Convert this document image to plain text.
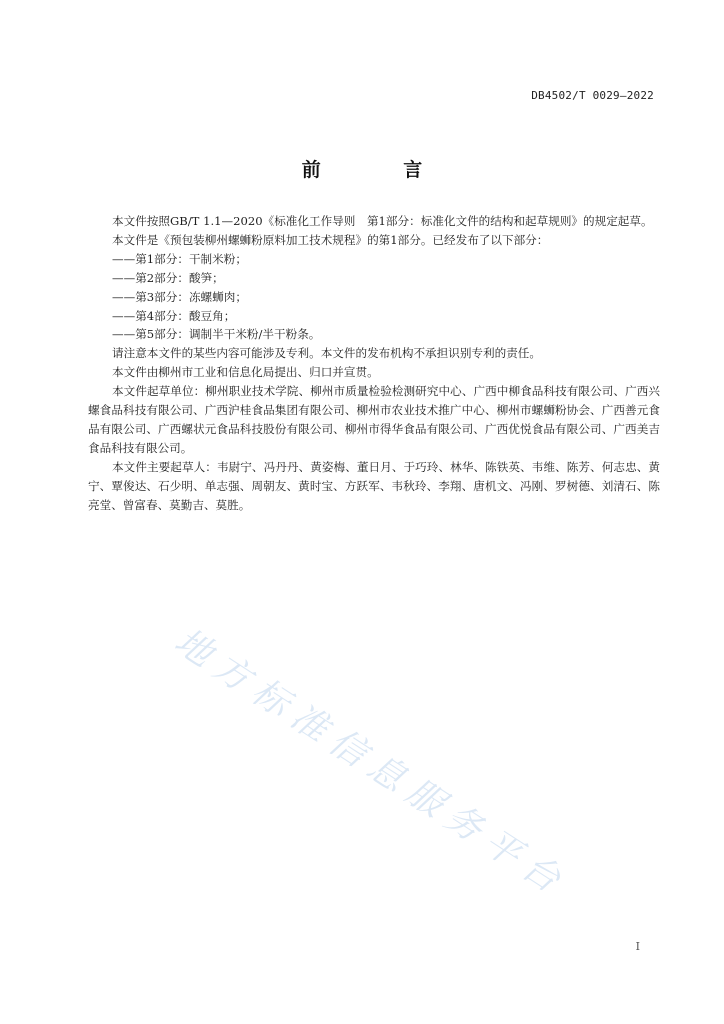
DB4502/T 0029—2022
前 言

本文件按照GB/T 1.1—2020《标准化工作导则　第1部分：标准化文件的结构和起草规则》的规定起草。

本文件是《预包装柳州螺蛳粉原料加工技术规程》的第1部分。已经发布了以下部分：

——第1部分：干制米粉；

——第2部分：酸笋；

——第3部分：冻螺蛳肉；

——第4部分：酸豆角；

——第5部分：调制半干米粉/半干粉条。

请注意本文件的某些内容可能涉及专利。本文件的发布机构不承担识别专利的责任。

本文件由柳州市工业和信息化局提出、归口并宣贯。

本文件起草单位：柳州职业技术学院、柳州市质量检验检测研究中心、广西中柳食品科技有限公司、广西兴螺食品科技有限公司、广西沪桂食品集团有限公司、柳州市农业技术推广中心、柳州市螺蛳粉协会、广西善元食品有限公司、广西螺状元食品科技股份有限公司、柳州市得华食品有限公司、广西优悦食品有限公司、广西美吉食品科技有限公司。

本文件主要起草人：韦尉宁、冯丹丹、黄姿梅、董日月、于巧玲、林华、陈铁英、韦维、陈芳、何志忠、黄宁、覃俊达、石少明、单志强、周朝友、黄时宝、方跃军、韦秋玲、李翔、唐机文、冯刚、罗树德、刘清石、陈亮堂、曾富春、莫勤吉、莫胜。

地方标准信息服务平台
I
